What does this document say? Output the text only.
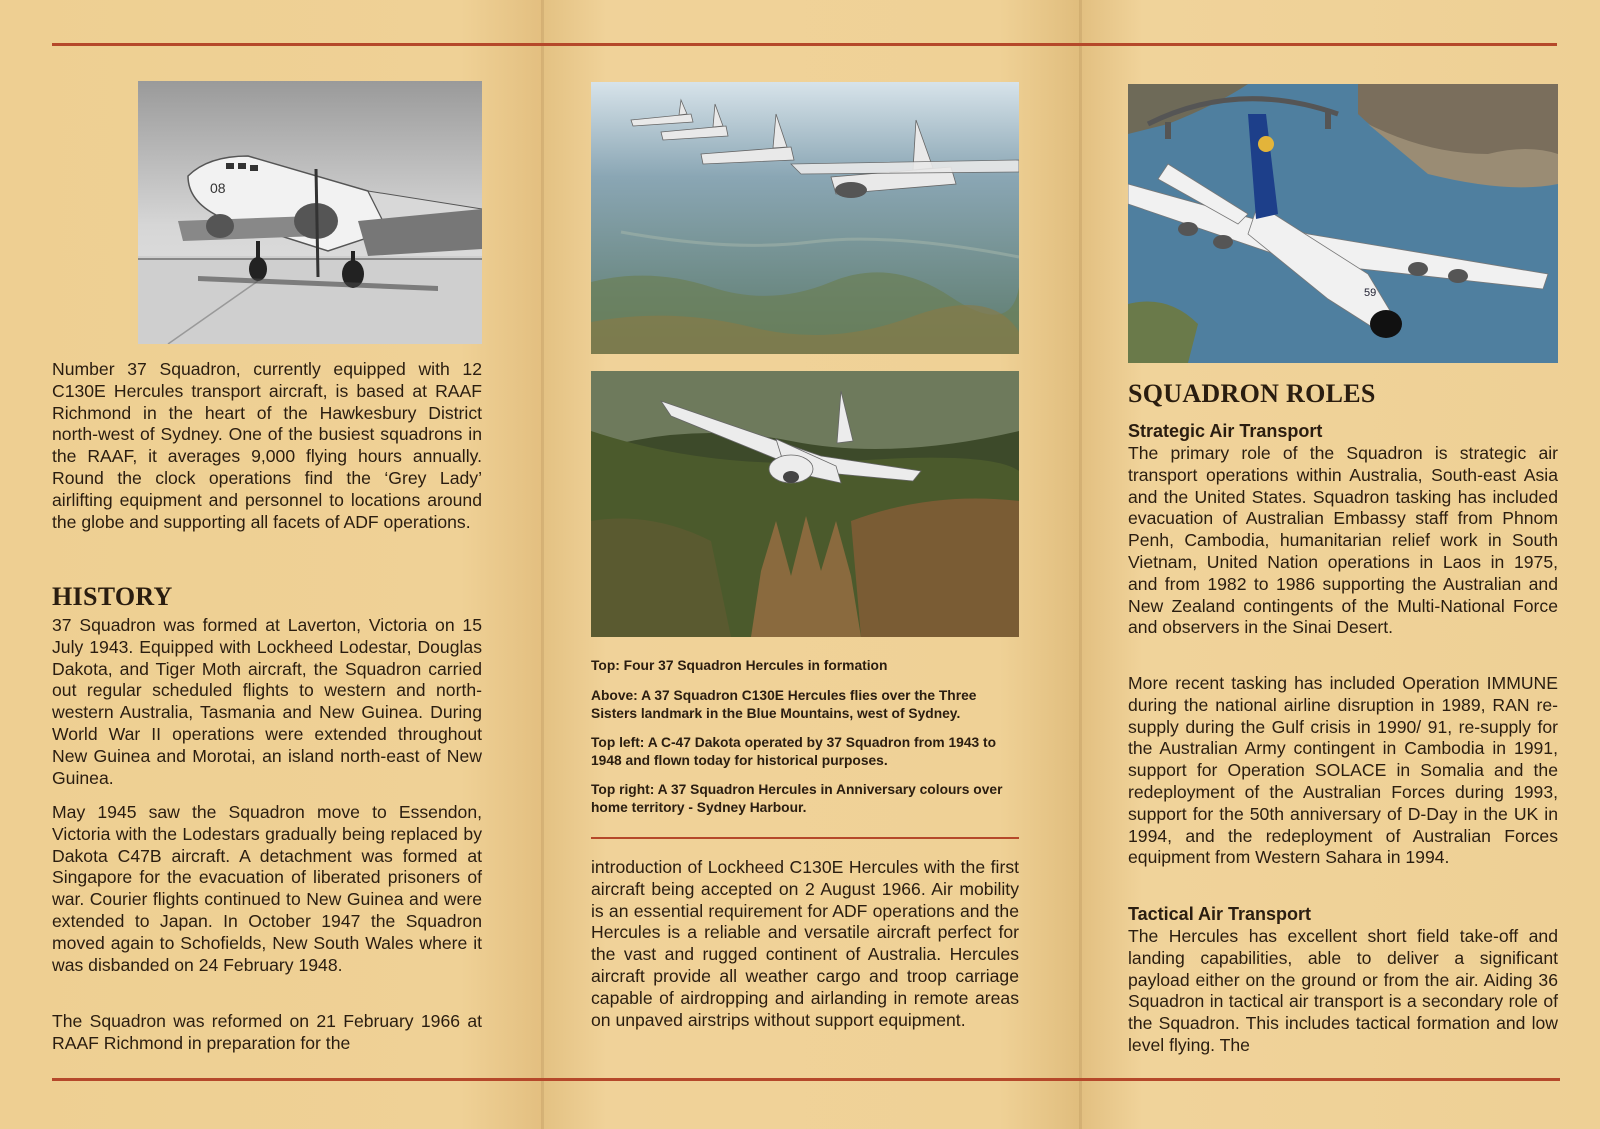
08

Number 37 Squadron, currently equipped with 12 C130E Hercules transport aircraft, is based at RAAF Richmond in the heart of the Hawkesbury District north-west of Sydney. One of the busiest squadrons in the RAAF, it averages 9,000 flying hours annually. Round the clock operations find the ‘Grey Lady’ airlifting equipment and personnel to locations around the globe and supporting all facets of ADF operations.

HISTORY

37 Squadron was formed at Laverton, Victoria on 15 July 1943. Equipped with Lockheed Lodestar, Douglas Dakota, and Tiger Moth aircraft, the Squadron carried out regular scheduled flights to western and north-western Australia, Tasmania and New Guinea. During World War II operations were extended throughout New Guinea and Morotai, an island north-east of New Guinea.

May 1945 saw the Squadron move to Essendon, Victoria with the Lodestars gradually being replaced by Dakota C47B aircraft. A detachment was formed at Singapore for the evacuation of liberated prisoners of war. Courier flights continued to New Guinea and were extended to Japan. In October 1947 the Squadron moved again to Schofields, New South Wales where it was disbanded on 24 February 1948.

The Squadron was reformed on 21 February 1966 at RAAF Richmond in preparation for the

Top: Four 37 Squadron Hercules in formation

Above: A 37 Squadron C130E Hercules flies over the Three Sisters landmark in the Blue Mountains, west of Sydney.

Top left: A C-47 Dakota operated by 37 Squadron from 1943 to 1948 and flown today for historical purposes.

Top right: A 37 Squadron Hercules in Anniversary colours over home territory - Sydney Harbour.

introduction of Lockheed C130E Hercules with the first aircraft being accepted on 2 August 1966. Air mobility is an essential requirement for ADF operations and the Hercules is a reliable and versatile aircraft perfect for the vast and rugged continent of Australia. Hercules aircraft provide all weather cargo and troop carriage capable of airdropping and airlanding in remote areas on unpaved airstrips without support equipment.

59
SQUADRON ROLES
Strategic Air Transport

The primary role of the Squadron is strategic air transport operations within Australia, South-east Asia and the United States. Squadron tasking has included evacuation of Australian Embassy staff from Phnom Penh, Cambodia, humanitarian relief work in South Vietnam, United Nation operations in Laos in 1975, and from 1982 to 1986 supporting the Australian and New Zealand contingents of the Multi-National Force and observers in the Sinai Desert.

More recent tasking has included Operation IMMUNE during the national airline disruption in 1989, RAN re-supply during the Gulf crisis in 1990/ 91, re-supply for the Australian Army contingent in Cambodia in 1991, support for Operation SOLACE in Somalia and the redeployment of the Australian Forces during 1993, support for the 50th anniversary of D-Day in the UK in 1994, and the redeployment of Australian Forces equipment from Western Sahara in 1994.

Tactical Air Transport

The Hercules has excellent short field take-off and landing capabilities, able to deliver a significant payload either on the ground or from the air. Aiding 36 Squadron in tactical air transport is a secondary role of the Squadron. This includes tactical formation and low level flying. The
